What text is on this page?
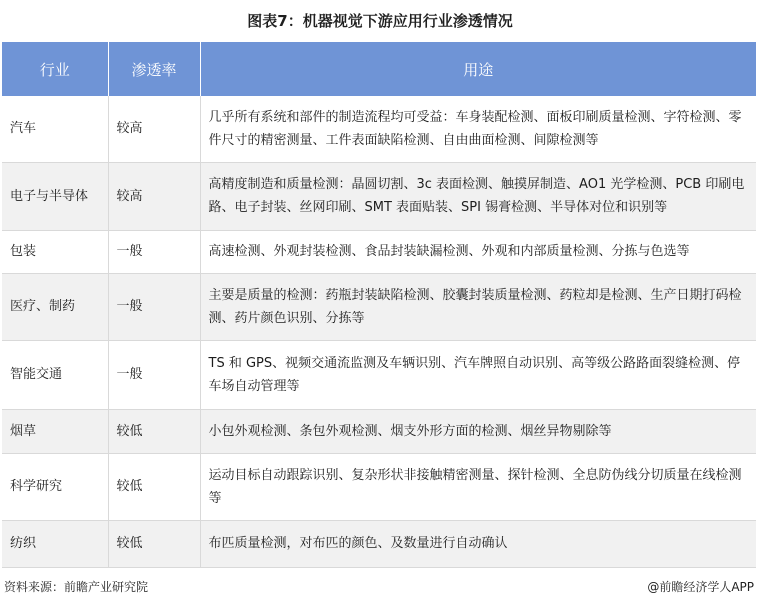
图表7：机器视觉下游应用行业渗透情况
行业	渗透率	用途
汽车	较高	几乎所有系统和部件的制造流程均可受益：车身装配检测、面板印刷质量检测、字符检测、零件尺寸的精密测量、工件表面缺陷检测、自由曲面检测、间隙检测等
电子与半导体	较高	高精度制造和质量检测：晶圆切割、3c 表面检测、触摸屏制造、AO1 光学检测、PCB 印刷电路、电子封装、丝网印刷、SMT 表面贴装、SPI 锡膏检测、半导体对位和识别等
包装	一般	高速检测、外观封装检测、食品封装缺漏检测、外观和内部质量检测、分拣与色选等
医疗、制药	一般	主要是质量的检测：药瓶封装缺陷检测、胶囊封装质量检测、药粒却是检测、生产日期打码检测、药片颜色识别、分拣等
智能交通	一般	TS 和 GPS、视频交通流监测及车辆识别、汽车牌照自动识别、高等级公路路面裂缝检测、停车场自动管理等
烟草	较低	小包外观检测、条包外观检测、烟支外形方面的检测、烟丝异物剔除等
科学研究	较低	运动目标自动跟踪识别、复杂形状非接触精密测量、探针检测、全息防伪线分切质量在线检测等
纺织	较低	布匹质量检测，对布匹的颜色、及数量进行自动确认
资料来源：前瞻产业研究院	@前瞻经济学人APP
